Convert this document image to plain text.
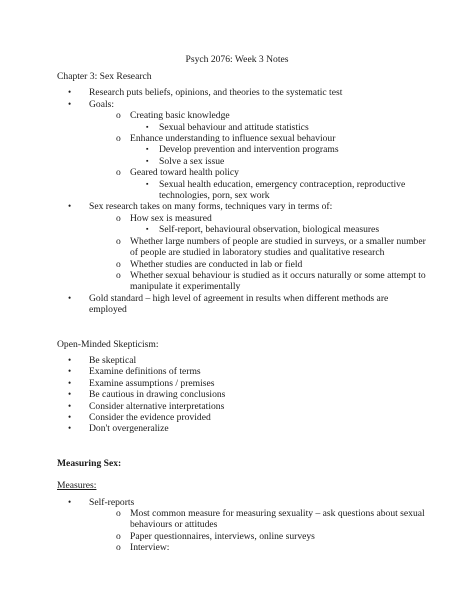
Psych 2076: Week 3 Notes
Chapter 3: Sex Research
•	Research puts beliefs, opinions, and theories to the systematic test
•	Goals:
o Creating basic knowledge
▪	Sexual behaviour and attitude statistics
o Enhance understanding to influence sexual behaviour
▪	Develop prevention and intervention programs
▪	Solve a sex issue
o Geared toward health policy
▪	Sexual health education, emergency contraception, reproductive technologies, porn, sex work
•	Sex research takes on many forms, techniques vary in terms of:
o How sex is measured
▪	Self-report, behavioural observation, biological measures
o Whether large numbers of people are studied in surveys, or a smaller number of people are studied in laboratory studies and qualitative research
o Whether studies are conducted in lab or field
o Whether sexual behaviour is studied as it occurs naturally or some attempt to manipulate it experimentally
•	Gold standard – high level of agreement in results when different methods are employed
Open-Minded Skepticism:
•	Be skeptical
•	Examine definitions of terms
•	Examine assumptions / premises
•	Be cautious in drawing conclusions
•	Consider alternative interpretations
•	Consider the evidence provided
•	Don't overgeneralize
Measuring Sex:
Measures:
•	Self-reports
o Most common measure for measuring sexuality – ask questions about sexual behaviours or attitudes
o Paper questionnaires, interviews, online surveys
o Interview:
